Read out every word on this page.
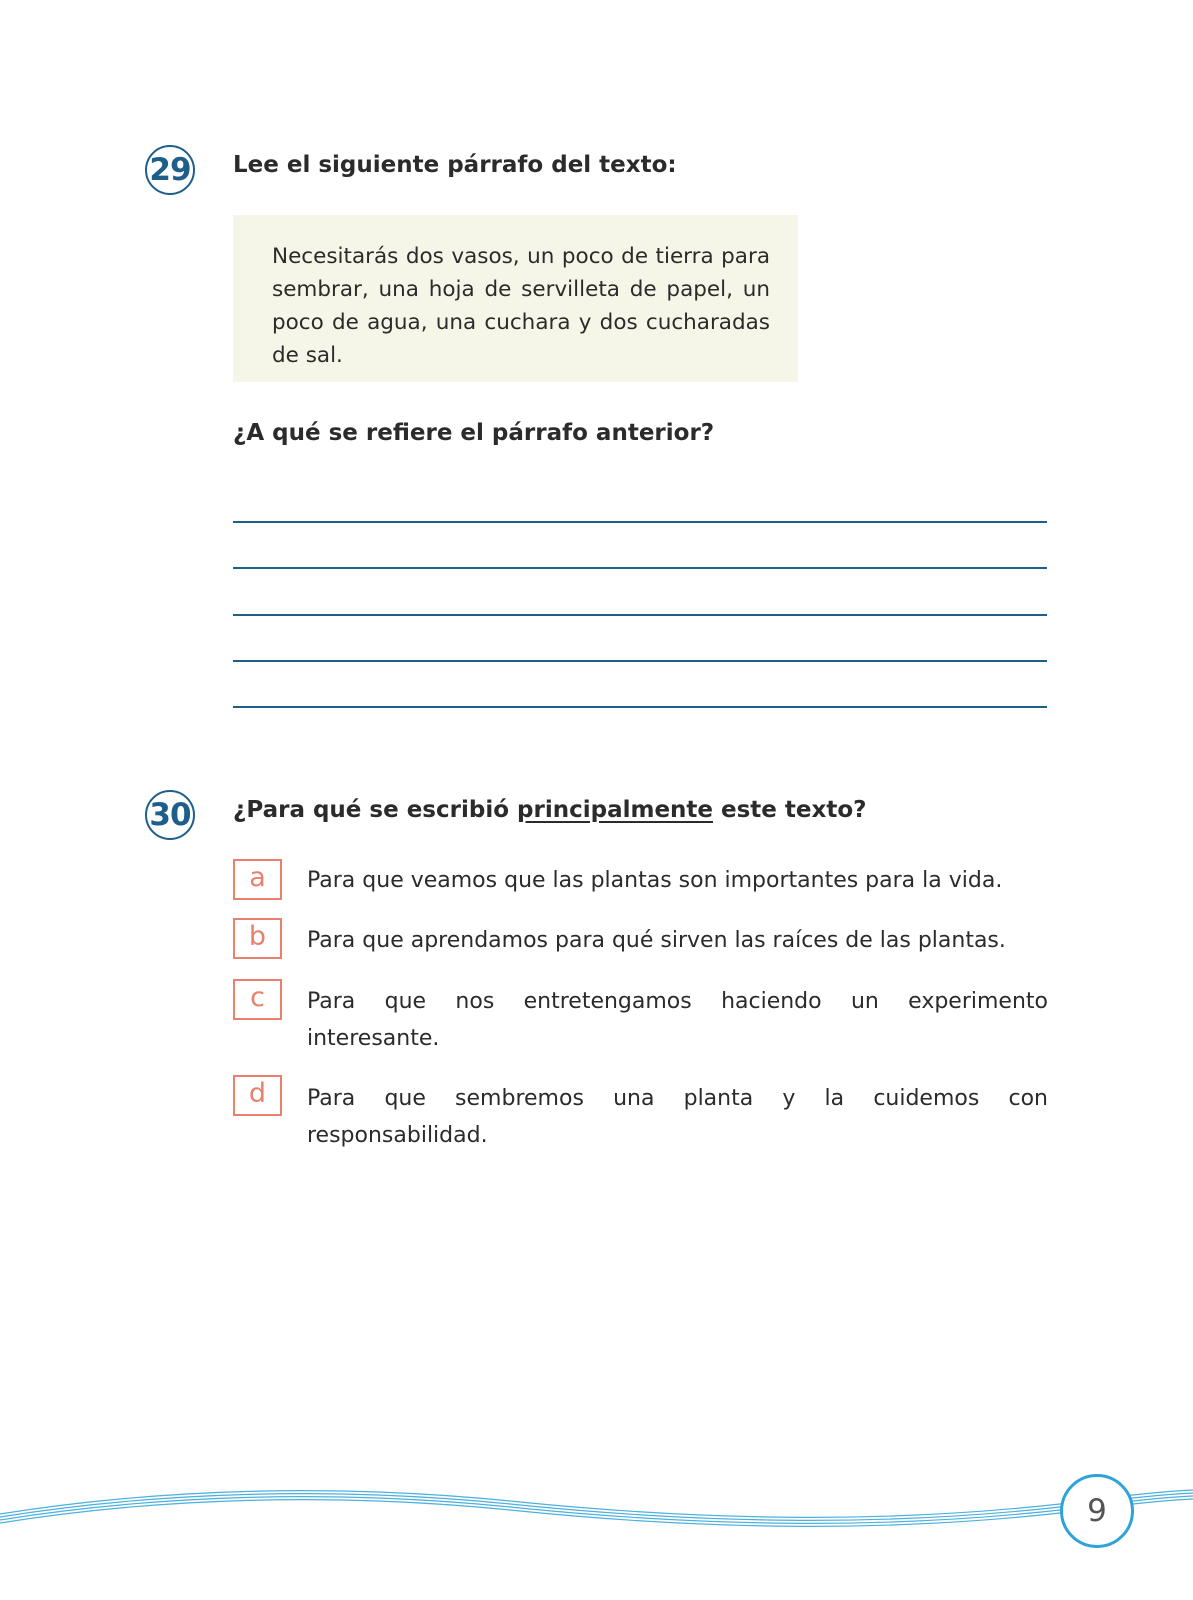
29 Lee el siguiente párrafo del texto:

Necesitarás dos vasos, un poco de tierra para sembrar, una hoja de servilleta de papel, un poco de agua, una cuchara y dos cucharadas de sal.

¿A qué se refiere el párrafo anterior?
30 ¿Para qué se escribió principalmente este texto?
a	Para que veamos que las plantas son importantes para la vida.
b	Para que aprendamos para qué sirven las raíces de las plantas.
c	Para que nos entretengamos haciendo un experimento interesante.
d	Para que sembremos una planta y la cuidemos con responsabilidad.
9
